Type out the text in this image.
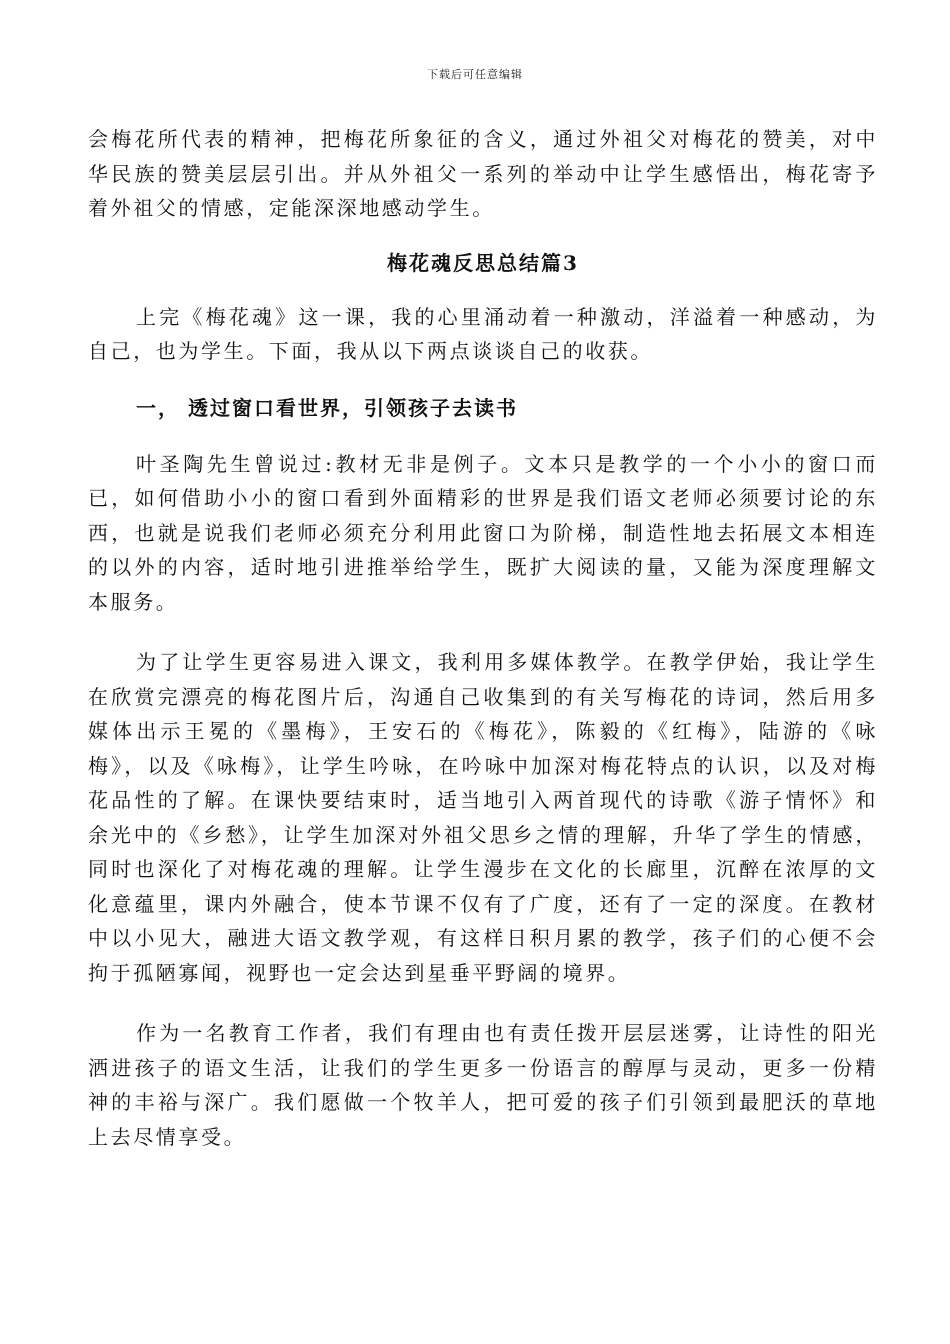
下载后可任意编辑

会梅花所代表的精神，把梅花所象征的含义，通过外祖父对梅花的赞美，对中华民族的赞美层层引出。并从外祖父一系列的举动中让学生感悟出，梅花寄予着外祖父的情感，定能深深地感动学生。

梅花魂反思总结篇3

上完《梅花魂》这一课，我的心里涌动着一种激动，洋溢着一种感动，为自己，也为学生。下面，我从以下两点谈谈自己的收获。

一， 透过窗口看世界，引领孩子去读书

叶圣陶先生曾说过:教材无非是例子。文本只是教学的一个小小的窗口而已，如何借助小小的窗口看到外面精彩的世界是我们语文老师必须要讨论的东西，也就是说我们老师必须充分利用此窗口为阶梯，制造性地去拓展文本相连的以外的内容，适时地引进推举给学生，既扩大阅读的量，又能为深度理解文本服务。

为了让学生更容易进入课文，我利用多媒体教学。在教学伊始，我让学生在欣赏完漂亮的梅花图片后，沟通自己收集到的有关写梅花的诗词，然后用多媒体出示王冕的《墨梅》，王安石的《梅花》，陈毅的《红梅》，陆游的《咏梅》，以及《咏梅》，让学生吟咏，在吟咏中加深对梅花特点的认识，以及对梅花品性的了解。在课快要结束时，适当地引入两首现代的诗歌《游子情怀》和余光中的《乡愁》，让学生加深对外祖父思乡之情的理解，升华了学生的情感，同时也深化了对梅花魂的理解。让学生漫步在文化的长廊里，沉醉在浓厚的文化意蕴里，课内外融合，使本节课不仅有了广度，还有了一定的深度。在教材中以小见大，融进大语文教学观，有这样日积月累的教学，孩子们的心便不会拘于孤陋寡闻，视野也一定会达到星垂平野阔的境界。

作为一名教育工作者，我们有理由也有责任拨开层层迷雾，让诗性的阳光洒进孩子的语文生活，让我们的学生更多一份语言的醇厚与灵动，更多一份精神的丰裕与深广。我们愿做一个牧羊人，把可爱的孩子们引领到最肥沃的草地上去尽情享受。
